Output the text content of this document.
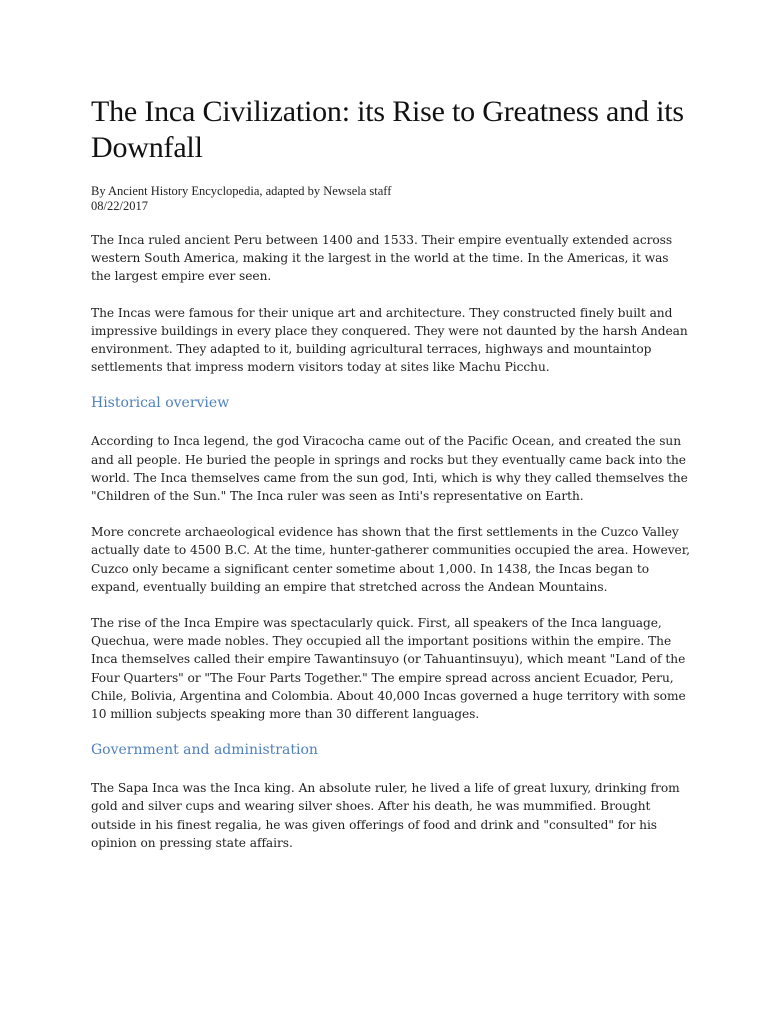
The Inca Civilization: its Rise to Greatness and its Downfall
By Ancient History Encyclopedia, adapted by Newsela staff
08/22/2017

The Inca ruled ancient Peru between 1400 and 1533. Their empire eventually extended across western South America, making it the largest in the world at the time. In the Americas, it was the largest empire ever seen.

The Incas were famous for their unique art and architecture. They constructed finely built and impressive buildings in every place they conquered. They were not daunted by the harsh Andean environment. They adapted to it, building agricultural terraces, highways and mountaintop settlements that impress modern visitors today at sites like Machu Picchu.

Historical overview

According to Inca legend, the god Viracocha came out of the Pacific Ocean, and created the sun and all people. He buried the people in springs and rocks but they eventually came back into the world. The Inca themselves came from the sun god, Inti, which is why they called themselves the "Children of the Sun." The Inca ruler was seen as Inti's representative on Earth.

More concrete archaeological evidence has shown that the first settlements in the Cuzco Valley actually date to 4500 B.C. At the time, hunter-gatherer communities occupied the area. However, Cuzco only became a significant center sometime about 1,000. In 1438, the Incas began to expand, eventually building an empire that stretched across the Andean Mountains.

The rise of the Inca Empire was spectacularly quick. First, all speakers of the Inca language, Quechua, were made nobles. They occupied all the important positions within the empire. The Inca themselves called their empire Tawantinsuyo (or Tahuantinsuyu), which meant "Land of the Four Quarters" or "The Four Parts Together." The empire spread across ancient Ecuador, Peru, Chile, Bolivia, Argentina and Colombia. About 40,000 Incas governed a huge territory with some 10 million subjects speaking more than 30 different languages.

Government and administration

The Sapa Inca was the Inca king. An absolute ruler, he lived a life of great luxury, drinking from gold and silver cups and wearing silver shoes. After his death, he was mummified. Brought outside in his finest regalia, he was given offerings of food and drink and "consulted" for his opinion on pressing state affairs.
